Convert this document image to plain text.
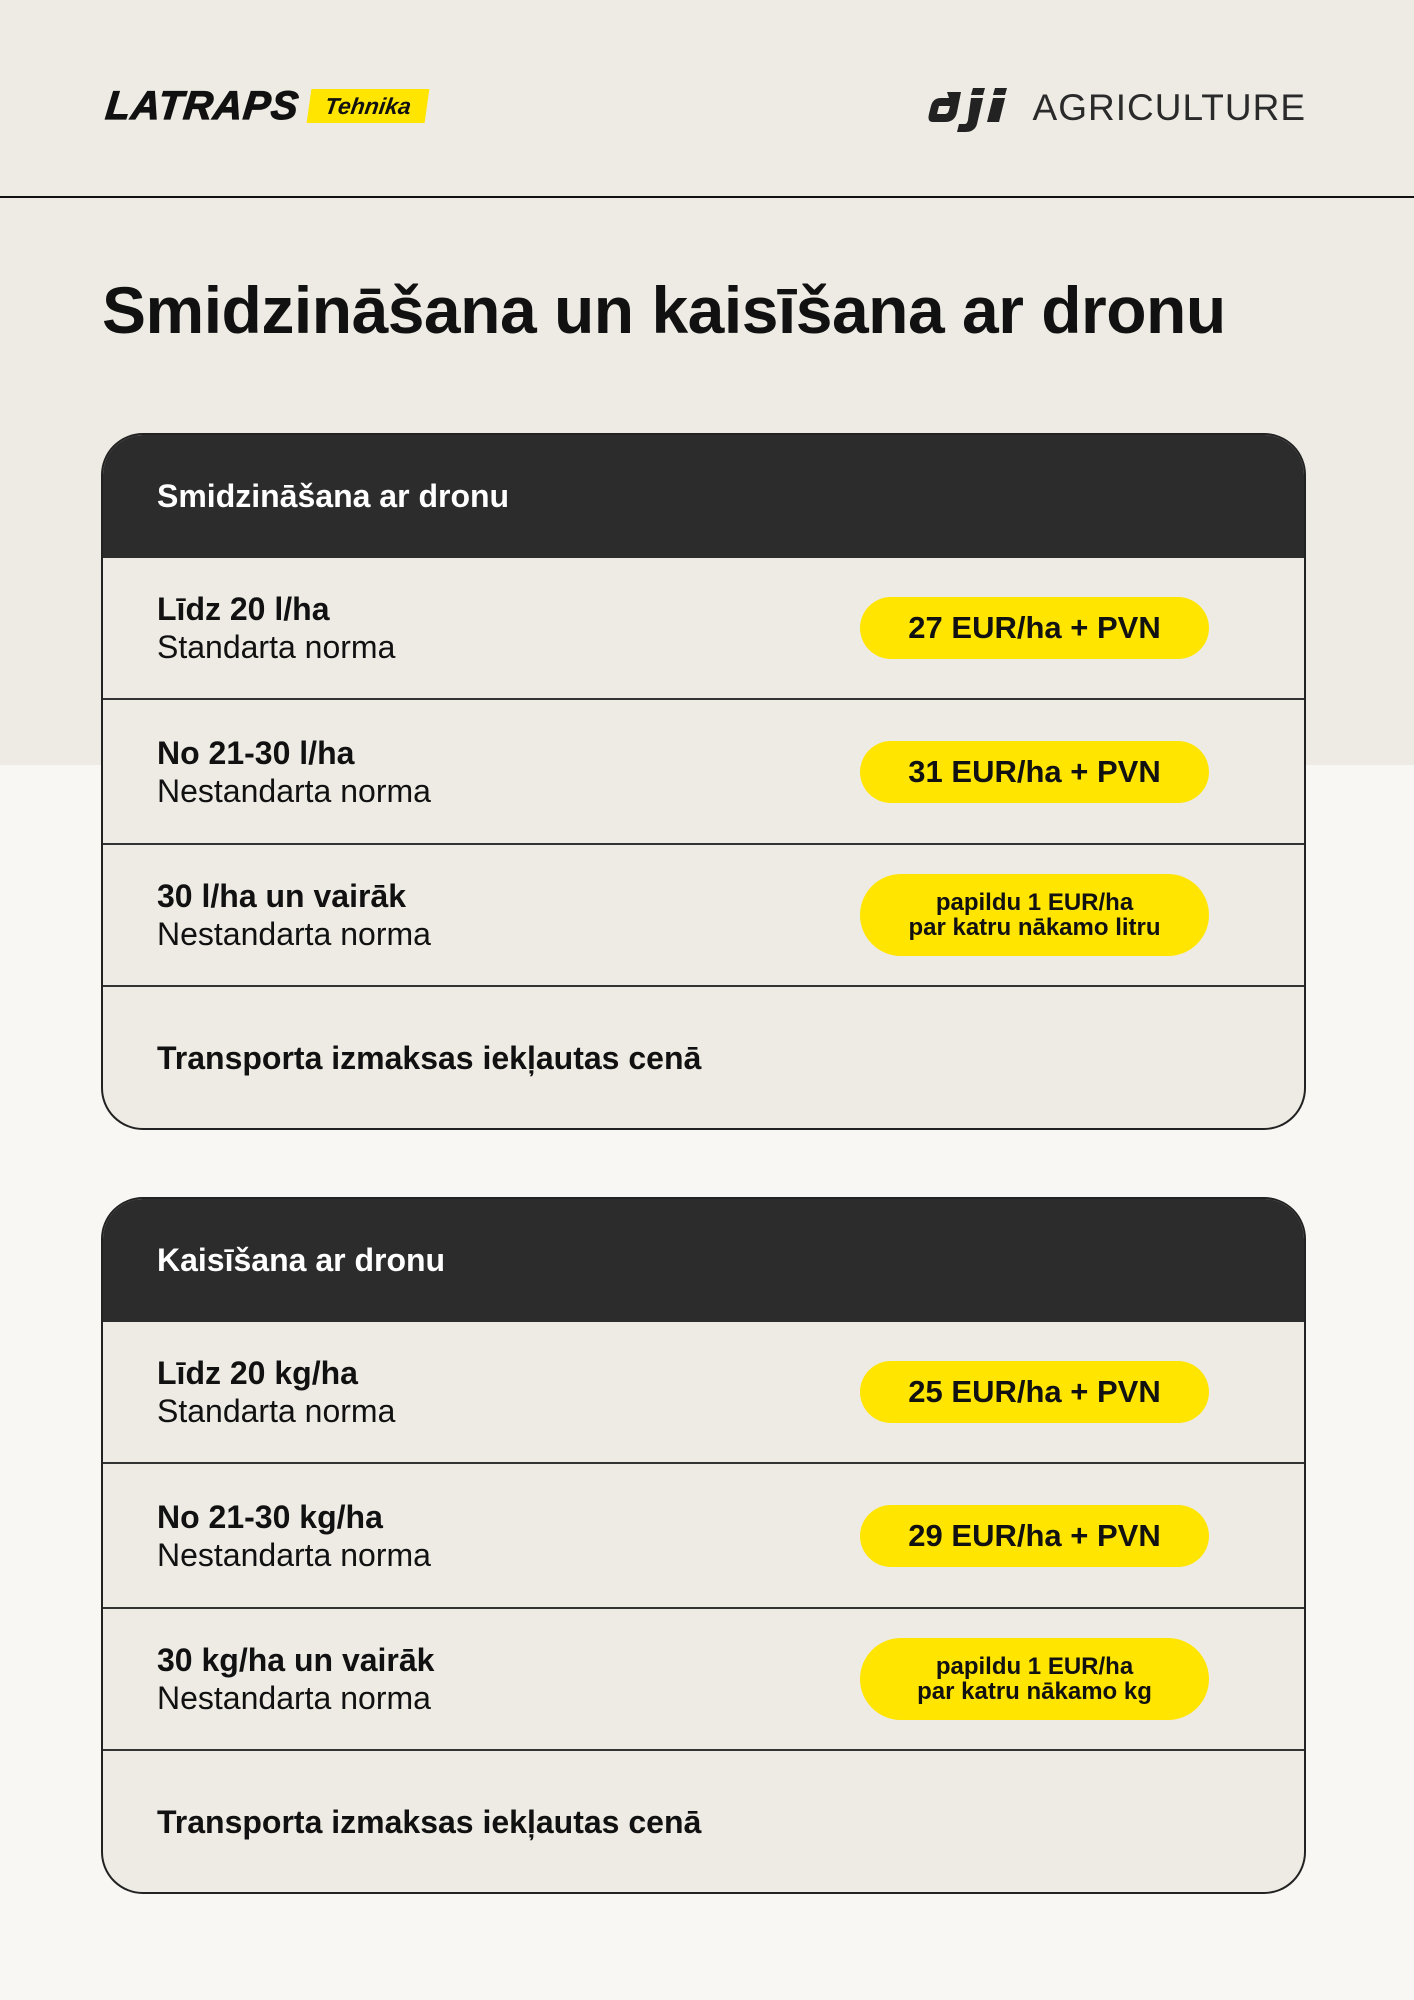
LATRAPS Tehnika	AGRICULTURE
Smidzināšana un kaisīšana ar dronu
Smidzināšana ar dronu
Līdz 20 l/ha
Standarta norma
27 EUR/ha + PVN
No 21-30 l/ha
Nestandarta norma
31 EUR/ha + PVN
30 l/ha un vairāk
Nestandarta norma
papildu 1 EUR/ha
par katru nākamo litru
Transporta izmaksas iekļautas cenā
Kaisīšana ar dronu
Līdz 20 kg/ha
Standarta norma
25 EUR/ha + PVN
No 21-30 kg/ha
Nestandarta norma
29 EUR/ha + PVN
30 kg/ha un vairāk
Nestandarta norma
papildu 1 EUR/ha
par katru nākamo kg
Transporta izmaksas iekļautas cenā
